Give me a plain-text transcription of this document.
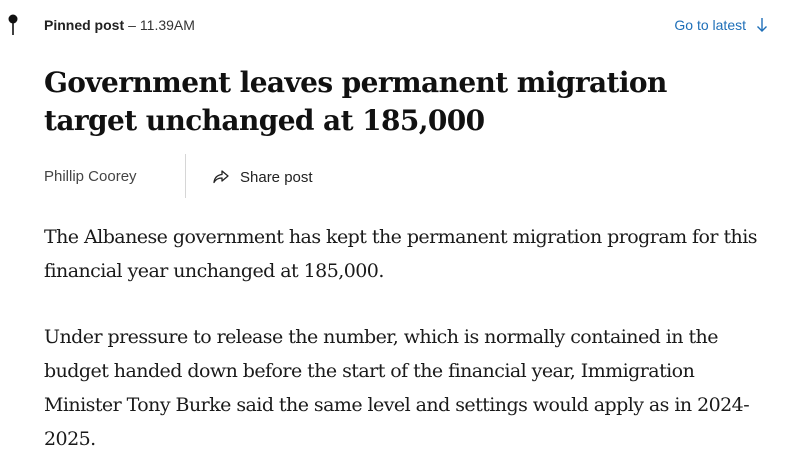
Pinned post – 11.39AM	Go to latest
Government leaves permanent migration target unchanged at 185,000
Phillip Coorey	Share post

The Albanese government has kept the permanent migration program for this financial year unchanged at 185,000.

Under pressure to release the number, which is normally contained in the budget handed down before the start of the financial year, Immigration Minister Tony Burke said the same level and settings would apply as in 2024-2025.
